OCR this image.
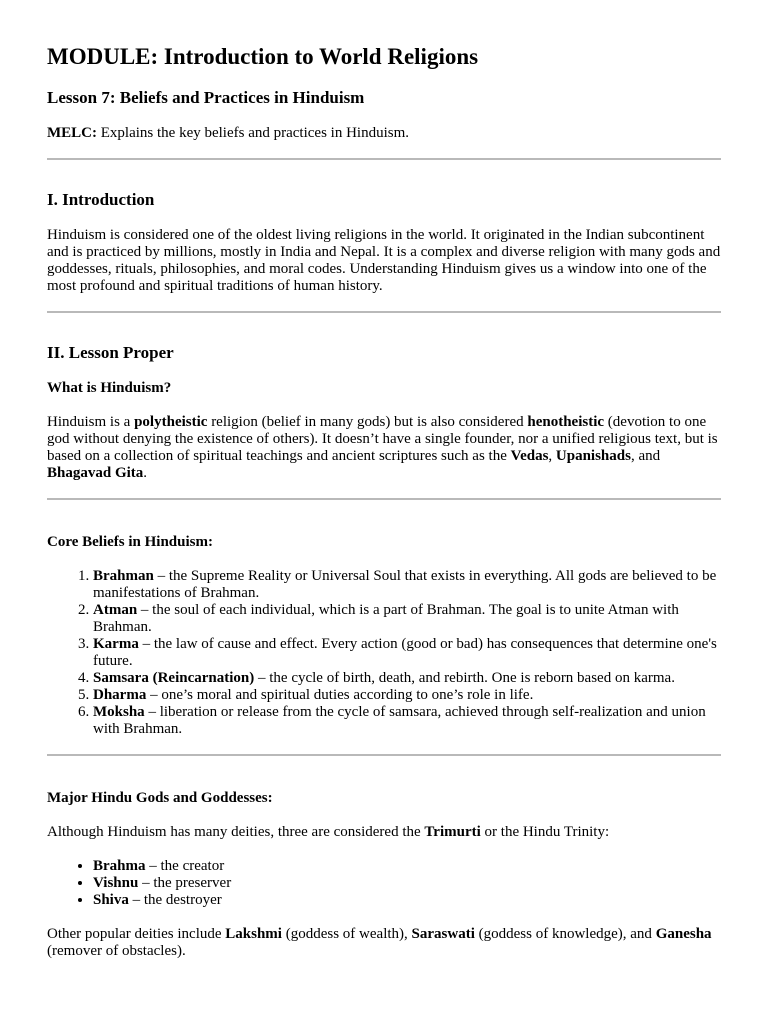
MODULE: Introduction to World Religions
Lesson 7: Beliefs and Practices in Hinduism

MELC: Explains the key beliefs and practices in Hinduism.

I. Introduction

Hinduism is considered one of the oldest living religions in the world. It originated in the Indian subcontinent and is practiced by millions, mostly in India and Nepal. It is a complex and diverse religion with many gods and goddesses, rituals, philosophies, and moral codes. Understanding Hinduism gives us a window into one of the most profound and spiritual traditions of human history.

II. Lesson Proper
What is Hinduism?

Hinduism is a polytheistic religion (belief in many gods) but is also considered henotheistic (devotion to one god without denying the existence of others). It doesn’t have a single founder, nor a unified religious text, but is based on a collection of spiritual teachings and ancient scriptures such as the Vedas, Upanishads, and Bhagavad Gita.

Core Beliefs in Hinduism:
1. Brahman – the Supreme Reality or Universal Soul that exists in everything. All gods are believed to be manifestations of Brahman.
2. Atman – the soul of each individual, which is a part of Brahman. The goal is to unite Atman with Brahman.
3. Karma – the law of cause and effect. Every action (good or bad) has consequences that determine one's future.
4. Samsara (Reincarnation) – the cycle of birth, death, and rebirth. One is reborn based on karma.
5. Dharma – one’s moral and spiritual duties according to one’s role in life.
6. Moksha – liberation or release from the cycle of samsara, achieved through self-realization and union with Brahman.
Major Hindu Gods and Goddesses:

Although Hinduism has many deities, three are considered the Trimurti or the Hindu Trinity:

• Brahma – the creator
• Vishnu – the preserver
• Shiva – the destroyer

Other popular deities include Lakshmi (goddess of wealth), Saraswati (goddess of knowledge), and Ganesha (remover of obstacles).
